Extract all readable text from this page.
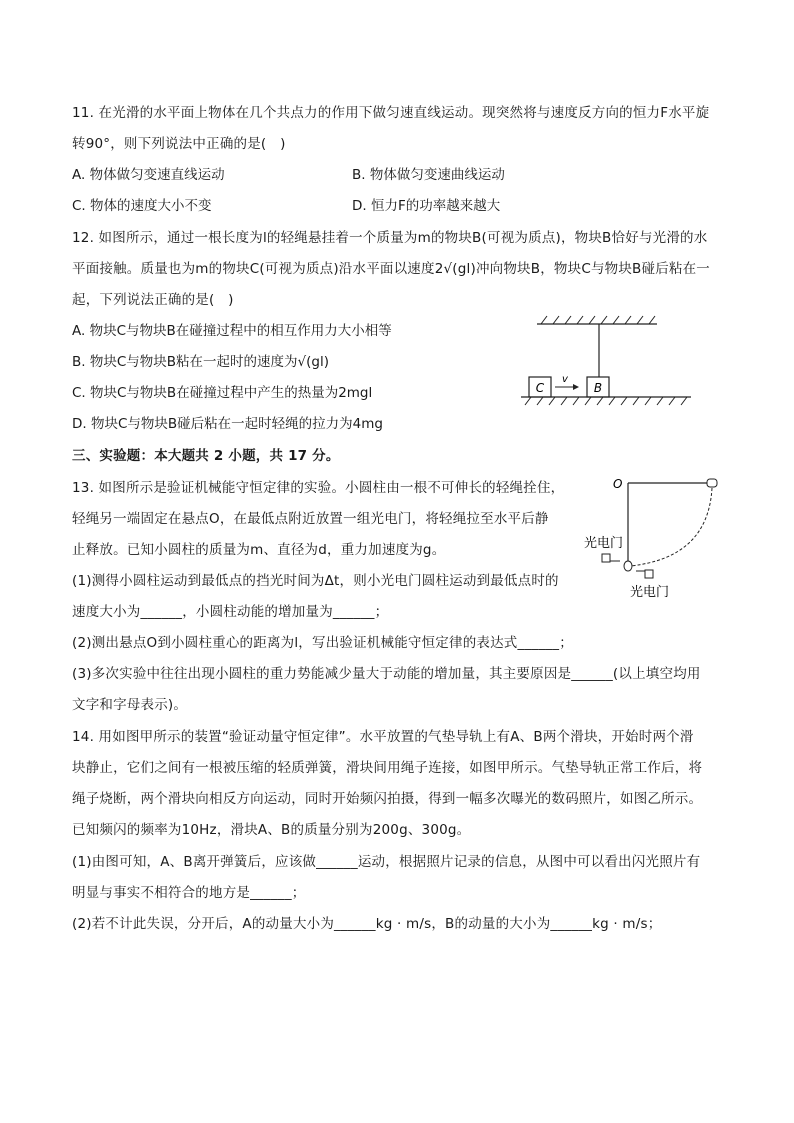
11. 在光滑的水平面上物体在几个共点力的作用下做匀速直线运动。现突然将与速度反方向的恒力F水平旋
转90°，则下列说法中正确的是(　)
A. 物体做匀变速直线运动	B. 物体做匀变速曲线运动
C. 物体的速度大小不变	D. 恒力F的功率越来越大
12. 如图所示，通过一根长度为l的轻绳悬挂着一个质量为m的物块B(可视为质点)，物块B恰好与光滑的水
平面接触。质量也为m的物块C(可视为质点)沿水平面以速度2√(gl)冲向物块B，物块C与物块B碰后粘在一
起，下列说法正确的是(　)
A. 物块C与物块B在碰撞过程中的相互作用力大小相等
B. 物块C与物块B粘在一起时的速度为√(gl)
C. 物块C与物块B在碰撞过程中产生的热量为2mgl
D. 物块C与物块B碰后粘在一起时轻绳的拉力为4mg
B
C
v
三、实验题：本大题共 2 小题，共 17 分。
13. 如图所示是验证机械能守恒定律的实验。小圆柱由一根不可伸长的轻绳拴住，
轻绳另一端固定在悬点O，在最低点附近放置一组光电门，将轻绳拉至水平后静
止释放。已知小圆柱的质量为m、直径为d，重力加速度为g。
(1)测得小圆柱运动到最低点的挡光时间为Δt，则小光电门圆柱运动到最低点时的
速度大小为______，小圆柱动能的增加量为______；
(2)测出悬点O到小圆柱重心的距离为l，写出验证机械能守恒定律的表达式______；
(3)多次实验中往往出现小圆柱的重力势能减少量大于动能的增加量，其主要原因是______(以上填空均用
文字和字母表示)。
O
光电门
光电门
14. 用如图甲所示的装置“验证动量守恒定律”。水平放置的气垫导轨上有A、B两个滑块，开始时两个滑
块静止，它们之间有一根被压缩的轻质弹簧，滑块间用绳子连接，如图甲所示。气垫导轨正常工作后，将
绳子烧断，两个滑块向相反方向运动，同时开始频闪拍摄，得到一幅多次曝光的数码照片，如图乙所示。
已知频闪的频率为10Hz，滑块A、B的质量分别为200g、300g。
(1)由图可知，A、B离开弹簧后，应该做______运动，根据照片记录的信息，从图中可以看出闪光照片有
明显与事实不相符合的地方是______；
(2)若不计此失误，分开后，A的动量大小为______kg · m/s，B的动量的大小为______kg · m/s；
